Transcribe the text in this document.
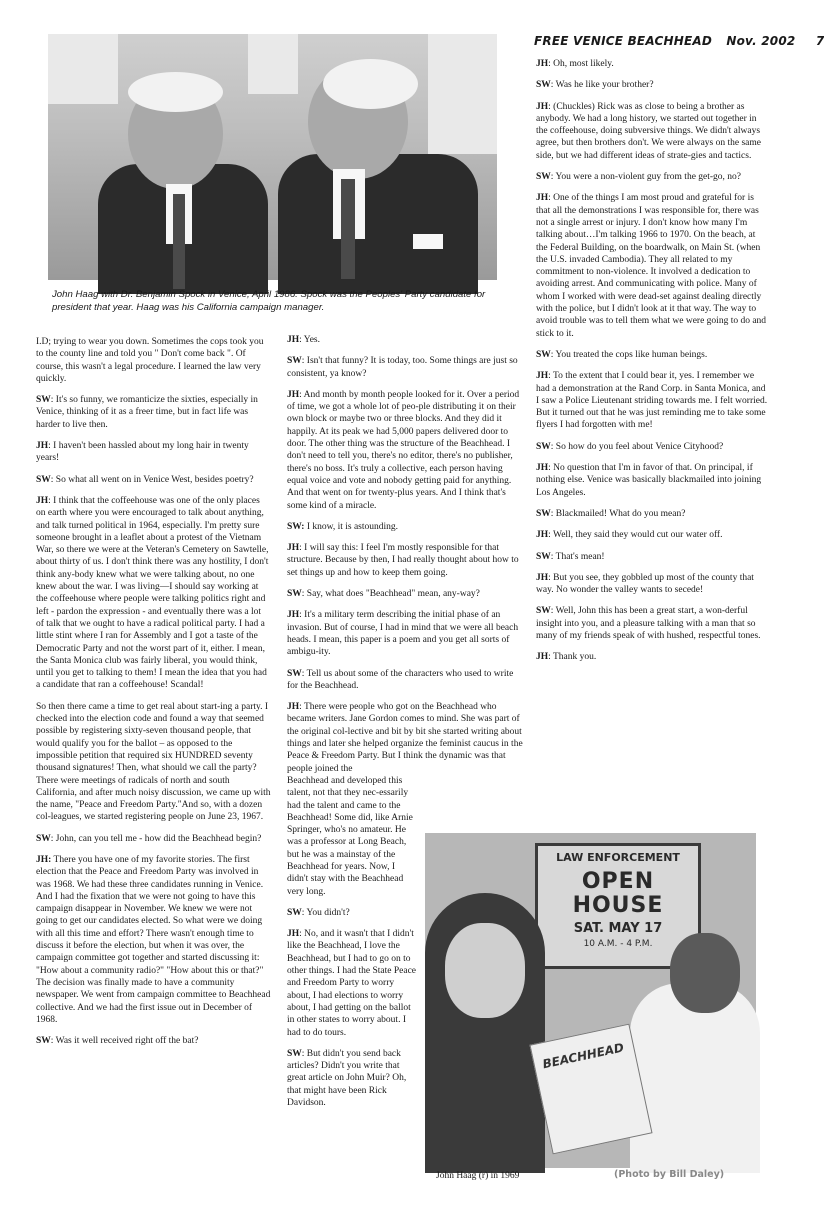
FREE VENICE BEACHHEAD Nov. 2002 7
John Haag with Dr. Benjamin Spock in Venice, April 1986. Spock was the Peoples' Party candidate for president that year. Haag was his California campaign manager.

I.D; trying to wear you down. Sometimes the cops took you to the county line and told you " Don't come back ". Of course, this wasn't a legal procedure. I learned the law very quickly.

SW: It's so funny, we romanticize the sixties, especially in Venice, thinking of it as a freer time, but in fact life was harder to live then.

JH: I haven't been hassled about my long hair in twenty years!

SW: So what all went on in Venice West, besides poetry?

JH: I think that the coffeehouse was one of the only places on earth where you were encouraged to talk about anything, and talk turned political in 1964, especially. I'm pretty sure someone brought in a leaflet about a protest of the Vietnam War, so there we were at the Veteran's Cemetery on Sawtelle, about thirty of us. I don't think there was any hostility, I don't think any-body knew what we were talking about, no one knew about the war. I was living—I should say working at the coffeehouse where people were talking politics right and left - pardon the expression - and eventually there was a lot of talk that we ought to have a radical political party. I had a little stint where I ran for Assembly and I got a taste of the Democratic Party and not the worst part of it, either. I mean, the Santa Monica club was fairly liberal, you would think, until you get to talking to them! I mean the idea that you had a candidate that ran a coffeehouse! Scandal!

So then there came a time to get real about start-ing a party. I checked into the election code and found a way that seemed possible by registering sixty-seven thousand people, that would qualify you for the ballot – as opposed to the impossible petition that required six HUNDRED seventy thousand signatures! Then, what should we call the party? There were meetings of radicals of north and south California, and after much noisy discussion, we came up with the name, "Peace and Freedom Party."And so, with a dozen col-leagues, we started registering people on June 23, 1967.

SW: John, can you tell me - how did the Beachhead begin?

JH: There you have one of my favorite stories. The first election that the Peace and Freedom Party was involved in was 1968. We had these three candidates running in Venice. And I had the fixation that we were not going to have this campaign disappear in November. We knew we were not going to get our candidates elected. So what were we doing with all this time and effort? There wasn't enough time to discuss it before the election, but when it was over, the campaign committee got together and started discussing it: "How about a community radio?" "How about this or that?" The decision was finally made to have a community newspaper. We went from campaign committee to Beachhead collective. And we had the first issue out in December of 1968.

SW: Was it well received right off the bat?

JH: Yes.

SW: Isn't that funny? It is today, too. Some things are just so consistent, ya know?

JH: And month by month people looked for it. Over a period of time, we got a whole lot of peo-ple distributing it on their own block or maybe two or three blocks. And they did it happily. At its peak we had 5,000 papers delivered door to door. The other thing was the structure of the Beachhead. I don't need to tell you, there's no editor, there's no publisher, there's no boss. It's truly a collective, each person having equal voice and vote and nobody getting paid for anything. And that went on for twenty-plus years. And I think that's some kind of a miracle.

SW: I know, it is astounding.

JH: I will say this: I feel I'm mostly responsible for that structure. Because by then, I had really thought about how to set things up and how to keep them going.

SW: Say, what does "Beachhead" mean, any-way?

JH: It's a military term describing the initial phase of an invasion. But of course, I had in mind that we were all beach heads. I mean, this paper is a poem and you get all sorts of ambigu-ity.

SW: Tell us about some of the characters who used to write for the Beachhead.

JH: There were people who got on the Beachhead who became writers. Jane Gordon comes to mind. She was part of the original col-lective and bit by bit she started writing about things and later she helped organize the feminist caucus in the Peace & Freedom Party. But I think the dynamic was that people joined the

Beachhead and developed this talent, not that they nec-essarily had the talent and came to the Beachhead! Some did, like Arnie Springer, who's no amateur. He was a professor at Long Beach, but he was a mainstay of the Beachhead for years. Now, I didn't stay with the Beachhead very long.

SW: You didn't?

JH: No, and it wasn't that I didn't like the Beachhead, I love the Beachhead, but I had to go on to other things. I had the State Peace and Freedom Party to worry about, I had elections to worry about, I had getting on the ballot in other states to worry about. I had to do tours.

SW: But didn't you send back articles? Didn't you write that great article on John Muir? Oh, that might have been Rick Davidson.

JH: Oh, most likely.

SW: Was he like your brother?

JH: (Chuckles) Rick was as close to being a brother as anybody. We had a long history, we started out together in the coffeehouse, doing subversive things. We didn't always agree, but then brothers don't. We were always on the same side, but we had different ideas of strate-gies and tactics.

SW: You were a non-violent guy from the get-go, no?

JH: One of the things I am most proud and grateful for is that all the demonstrations I was responsible for, there was not a single arrest or injury. I don't know how many I'm talking about…I'm talking 1966 to 1970. On the beach, at the Federal Building, on the boardwalk, on Main St. (when the U.S. invaded Cambodia). They all related to my commitment to non-violence. It involved a dedication to avoiding arrest. And communicating with police. Many of whom I worked with were dead-set against dealing directly with the police, but I didn't look at it that way. The way to avoid trouble was to tell them what we were going to do and stick to it.

SW: You treated the cops like human beings.

JH: To the extent that I could bear it, yes. I remember we had a demonstration at the Rand Corp. in Santa Monica, and I saw a Police Lieutenant striding towards me. I felt worried. But it turned out that he was just reminding me to take some flyers I had forgotten with me!

SW: So how do you feel about Venice Cityhood?

JH: No question that I'm in favor of that. On principal, if nothing else. Venice was basically blackmailed into joining Los Angeles.

SW: Blackmailed! What do you mean?

JH: Well, they said they would cut our water off.

SW: That's mean!

JH: But you see, they gobbled up most of the county that way. No wonder the valley wants to secede!

SW: Well, John this has been a great start, a won-derful insight into you, and a pleasure talking with a man that so many of my friends speak of with hushed, respectful tones.

JH: Thank you.

LAW ENFORCEMENT
OPEN HOUSE
SAT. MAY 17
10 A.M. - 4 P.M.
BEACHHEAD
John Haag (r) in 1969	(Photo by Bill Daley)
